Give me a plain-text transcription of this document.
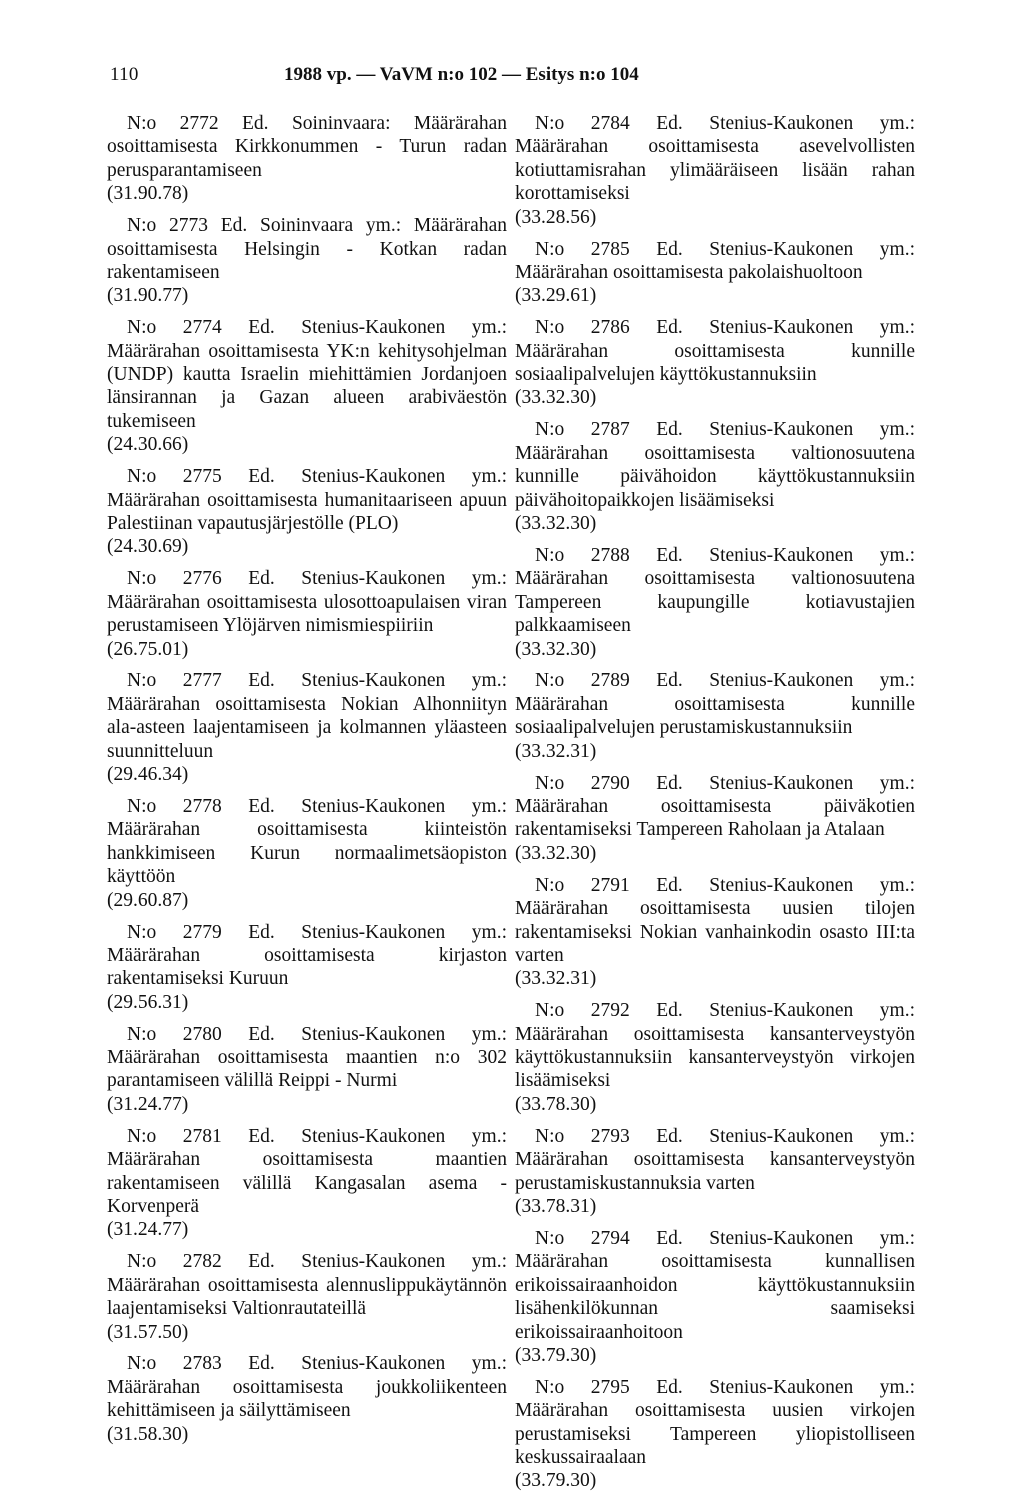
110	1988 vp. — VaVM n:o 102 — Esitys n:o 104

N:o 2772 Ed. Soininvaara: Määrärahan osoittamisesta Kirkkonummen - Turun radan perusparantamiseen

(31.90.78)

N:o 2773 Ed. Soininvaara ym.: Määrärahan osoittamisesta Helsingin - Kotkan radan rakentamiseen

(31.90.77)

N:o 2774 Ed. Stenius-Kaukonen ym.: Määrärahan osoittamisesta YK:n kehitysohjelman (UNDP) kautta Israelin miehittämien Jordanjoen länsirannan ja Gazan alueen arabiväestön tukemiseen

(24.30.66)

N:o 2775 Ed. Stenius-Kaukonen ym.: Määrärahan osoittamisesta humanitaariseen apuun Palestiinan vapautusjärjestölle (PLO)

(24.30.69)

N:o 2776 Ed. Stenius-Kaukonen ym.: Määrärahan osoittamisesta ulosottoapulaisen viran perustamiseen Ylöjärven nimismiespiiriin

(26.75.01)

N:o 2777 Ed. Stenius-Kaukonen ym.: Määrärahan osoittamisesta Nokian Alhonniityn ala-asteen laajentamiseen ja kolmannen yläasteen suunnitteluun

(29.46.34)

N:o 2778 Ed. Stenius-Kaukonen ym.: Määrärahan osoittamisesta kiinteistön hankkimiseen Kurun normaalimetsäopiston käyttöön

(29.60.87)

N:o 2779 Ed. Stenius-Kaukonen ym.: Määrärahan osoittamisesta kirjaston rakentamiseksi Kuruun

(29.56.31)

N:o 2780 Ed. Stenius-Kaukonen ym.: Määrärahan osoittamisesta maantien n:o 302 parantamiseen välillä Reippi - Nurmi

(31.24.77)

N:o 2781 Ed. Stenius-Kaukonen ym.: Määrärahan osoittamisesta maantien rakentamiseen välillä Kangasalan asema - Korvenperä

(31.24.77)

N:o 2782 Ed. Stenius-Kaukonen ym.: Määrärahan osoittamisesta alennuslippukäytännön laajentamiseksi Valtionrautateillä

(31.57.50)

N:o 2783 Ed. Stenius-Kaukonen ym.: Määrärahan osoittamisesta joukkoliikenteen kehittämiseen ja säilyttämiseen

(31.58.30)

N:o 2784 Ed. Stenius-Kaukonen ym.: Määrärahan osoittamisesta asevelvollisten kotiuttamisrahan ylimääräiseen lisään rahan korottamiseksi

(33.28.56)

N:o 2785 Ed. Stenius-Kaukonen ym.: Määrärahan osoittamisesta pakolaishuoltoon

(33.29.61)

N:o 2786 Ed. Stenius-Kaukonen ym.: Määrärahan osoittamisesta kunnille sosiaalipalvelujen käyttökustannuksiin

(33.32.30)

N:o 2787 Ed. Stenius-Kaukonen ym.: Määrärahan osoittamisesta valtionosuutena kunnille päivähoidon käyttökustannuksiin päivähoitopaikkojen lisäämiseksi

(33.32.30)

N:o 2788 Ed. Stenius-Kaukonen ym.: Määrärahan osoittamisesta valtionosuutena Tampereen kaupungille kotiavustajien palkkaamiseen

(33.32.30)

N:o 2789 Ed. Stenius-Kaukonen ym.: Määrärahan osoittamisesta kunnille sosiaalipalvelujen perustamiskustannuksiin

(33.32.31)

N:o 2790 Ed. Stenius-Kaukonen ym.: Määrärahan osoittamisesta päiväkotien rakentamiseksi Tampereen Raholaan ja Atalaan

(33.32.30)

N:o 2791 Ed. Stenius-Kaukonen ym.: Määrärahan osoittamisesta uusien tilojen rakentamiseksi Nokian vanhainkodin osasto III:ta varten

(33.32.31)

N:o 2792 Ed. Stenius-Kaukonen ym.: Määrärahan osoittamisesta kansanterveystyön käyttökustannuksiin kansanterveystyön virkojen lisäämiseksi

(33.78.30)

N:o 2793 Ed. Stenius-Kaukonen ym.: Määrärahan osoittamisesta kansanterveystyön perustamiskustannuksia varten

(33.78.31)

N:o 2794 Ed. Stenius-Kaukonen ym.: Määrärahan osoittamisesta kunnallisen erikoissairaanhoidon käyttökustannuksiin lisähenkilökunnan saamiseksi erikoissairaanhoitoon

(33.79.30)

N:o 2795 Ed. Stenius-Kaukonen ym.: Määrärahan osoittamisesta uusien virkojen perustamiseksi Tampereen yliopistolliseen keskussairaalaan

(33.79.30)
